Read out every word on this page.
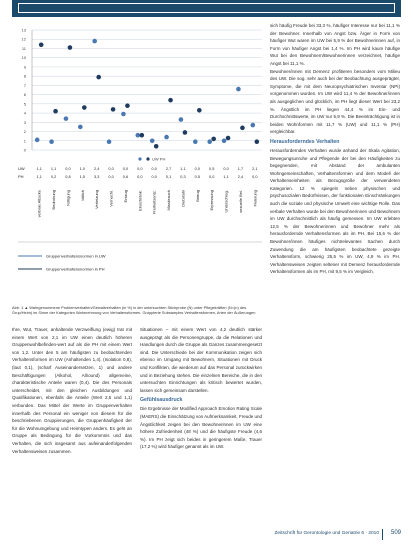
0
1
2
3
4
5
6
7
8
9
10
11
12
13
UW PH
UW	1,1 1,1 0,0 1,0 2,4 0,0 0,0 0,0 0,0 2,7 1,1 0,0 0,5 0,0 1,7 2,1
PH	1,1 0,2 0,8 1,5 3,3 0,0 0,6 0,0 0,0 0,1 0,3 0,5 0,0 1,1 2,4 0,0
verbale Attacke Bedrohung Nötigung tätlich Verletzung Vernachl. Entzug Einschränk. Freiheitsentz. Missbrauch Diebstahl Betrug Erpressung Unterschlag. sexuelle Bel. Fixierung
Gruppenverhaltensnormen in UW
Gruppenverhaltensnormen in PH
Abb. 1 ▲ Wahrgenommene Problemverhalten/Gewaltverhalten (in %) in der untersuchten Stichprobe (N) unter Pflegekräften (N=(n) des Grup/Heim) im Sinne der Kategorien Wahrnehmung von Verhaltensformen. Gruppierte Subsamples Verhaltensformen, Arten der Äußerungen

Ihre, Wut, Trauer, anhaltende Verzweiflung (ewig) trat mit einem Wert von 2,1 im UW einen deutlich höheren Gruppenwohlbefinden-wert auf als die PH mit einem Wert von 1,2. Unter den 5 am häufigsten zu beobachtenden Verhaltensformen im UW (Anhaltenden 1,4), (Isolation 0,8), (laut 0,1), (scharf Auseinandersetzen, 1) und andere Beschäftigungen (Alkohol, Allround) allgemeine, charakteristische Anteile waren (0,4). Die des Personals unterscheidet, mit den gleichen Ausbildungen und Qualifikationen, ebenfalls die Anteile (Wert 2,5 und 1,1) verbunden. Das Mittel der Werte im Gruppenverhalten innerhalb des Personal ein weniger von diesem für die beschriebenen Gruppierungen, die Gruppenhäufigkeit der für die Wohnumgebung und Heimtypen anders. Es geht an Gruppe als Bedingung für die Vorkommnis und das Verhalten, die sich insgesamt aus aufeinanderfolgenden Verhaltensweisen zusammen.

Situationen – mit einem Wert von 4,2 deutlich stärker ausgeprägt als die Personengruppe, da die Relationen und Handlungen durch die Gruppe als Ganzes zusammengesetzt sind. Die Unterschiede bei der Kommunikation zeigen sich ebenso im Umgang mit Bewohnern, Situationen mit Druck und Konflikten, die wiederum auf das Personal zurückwirken und in Beziehung stehen. Die einzelnen Bereiche, die in den untersuchten Einrichtungen als kritisch bewertet wurden, lassen sich gemeinsam darstellen.

Gefühlsausdruck

Die Ergebnisse der Modified Approach Emotion Rating Scale (MAERS) die Einschätzung von Aufmerksamkeit, Freude und Ängstlichkeit zeigen bei den Bewohnerinnen im UW eine höhere Zufriedenheit (48 %) und die häufigste Freude (4,6 %). Im PH zeigt sich beides in geringerem Maße, Trauer (17,2 %) wird häufiger genannt als im UW.

sich häufig Freude bei 33,3 %, häufiger Interesse nur bei 11,1 % der Bewohner. Innerhalb von Angst bzw. Ärger in Form von häufiger Wut waren im UW bei 5,9 % der Bewohnerinnen auf, in Form von häufiger Angst bei 1,4 %. Im PH wird kaum häufige Wut bei den Bewohnern/Bewohnerinnen verzeichnet, häufige Angst bei 11,1 %.

Bewohner/innen mit Demenz profitieren besonders vom Milieu des UW. Die sog. sehr auch bei der Beobachtung ausgeprägter, Symptome, die mit dem Neuropsychiatrischen Inventar (NPI) vorgenommen wurden. Im UW wird 11,4 % der Bewohner/innen als ausgeglichen und glücklich, im PH liegt dieser Wert bei 23,2 %. Ängstlich im PH liegen 44,4 % im Ein- und Durchschnittswerte, im UW nur 5,9 %. Die Beeinträchtigung ist in beiden Wohnformen mit 11,7 % (UW) und 11,1 % (PH) vergleichbar.

Herausforderndes Verhalten

Herausforderndes Verhalten wurde anhand der Skala Agitation, Bewegungsunruhe und Pflegende der bei den Häufigkeiten zu begegnenden, mit Abstand der ambulanten Wohngemeinschaften, Verhaltensformen und dem Modell der Verhaltenseinheiten als Bezugsgröße der verwendeten Kategorien. 12 % spiegeln neben physischen und psychosozialen Bedürfnissen, der funktionalen Einschränkungen auch die soziale und physische Umwelt eine wichtige Rolle. Das verbale Verhalten wurde bei den Bewohnerinnen und Bewohnern im UW durchschnittlich als häufig gemessen. Im UW erlebten 12,5 % der Bewohnerinnen und Bewohner mehr als herausfordernde Verhaltensformen als im PH. Bei 15,6 % der Bewohner/innen häufiges nichtrelevantes Sachen durch Zuwendung die am häufigsten beobachtete gezeigte Verhaltensform, schwierig 25,5 % im UW, 4,9 % im PH. Verhaltensweisen zeigten seltener mit Demenz herausfordernde Verhaltensformen als im PH, mit 9,5 % im Vergleich.

Zeitschrift für Gerontologie und Geriatrie 6 · 2010 509
